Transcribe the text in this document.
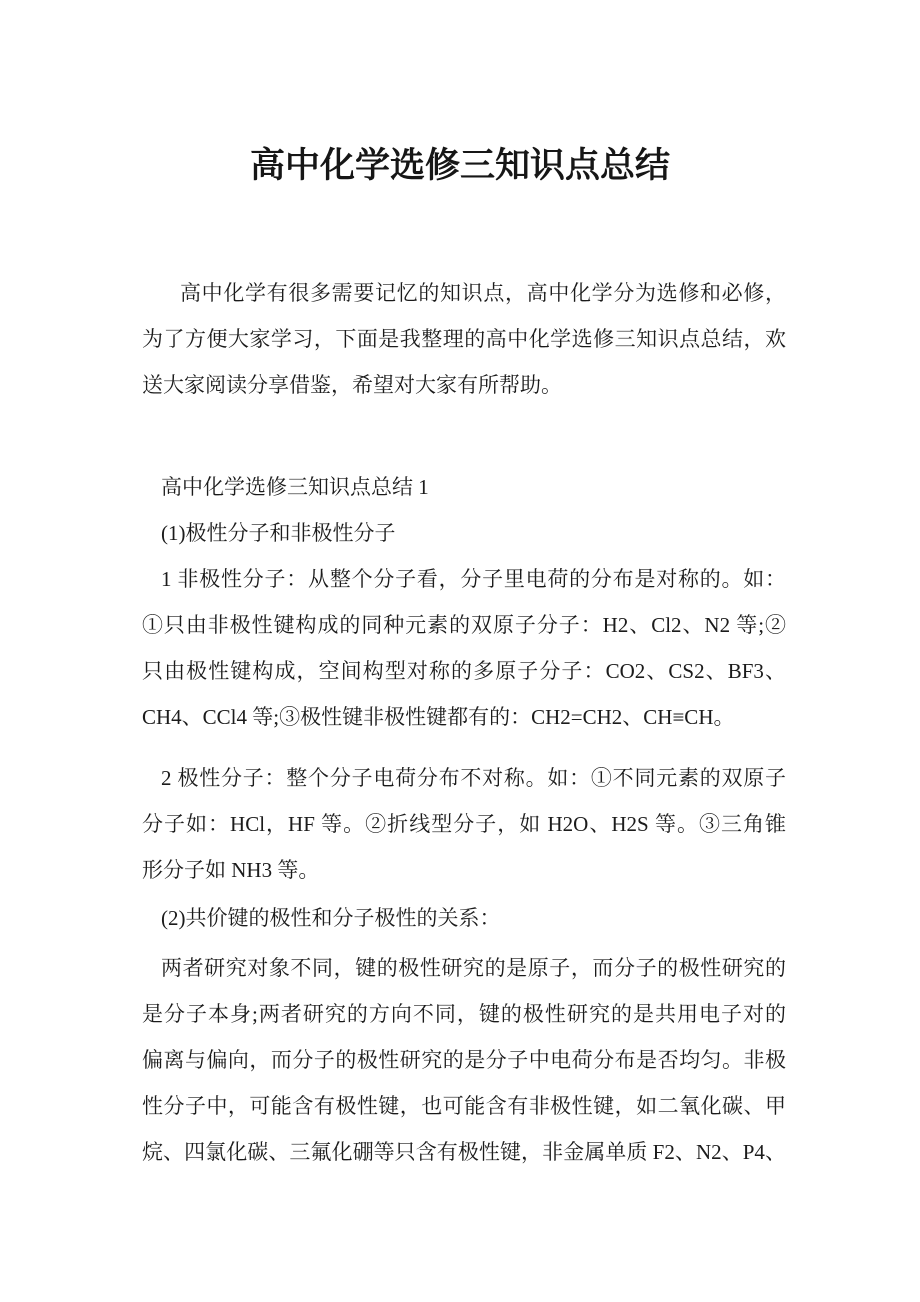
高中化学选修三知识点总结
高中化学有很多需要记忆的知识点，高中化学分为选修和必修，
为了方便大家学习，下面是我整理的高中化学选修三知识点总结，欢
送大家阅读分享借鉴，希望对大家有所帮助。
高中化学选修三知识点总结 1
(1)极性分子和非极性分子
1 非极性分子：从整个分子看，分子里电荷的分布是对称的。如：
①只由非极性键构成的同种元素的双原子分子：H2、Cl2、N2 等;②
只由极性键构成，空间构型对称的多原子分子：CO2、CS2、BF3、
CH4、CCl4 等;③极性键非极性键都有的：CH2=CH2、CH≡CH。
2 极性分子：整个分子电荷分布不对称。如：①不同元素的双原子
分子如：HCl，HF 等。②折线型分子，如 H2O、H2S 等。③三角锥
形分子如 NH3 等。
(2)共价键的极性和分子极性的关系：
两者研究对象不同，键的极性研究的是原子，而分子的极性研究的
是分子本身;两者研究的方向不同，键的极性研究的是共用电子对的
偏离与偏向，而分子的极性研究的是分子中电荷分布是否均匀。非极
性分子中，可能含有极性键，也可能含有非极性键，如二氧化碳、甲
烷、四氯化碳、三氟化硼等只含有极性键，非金属单质 F2、N2、P4、
